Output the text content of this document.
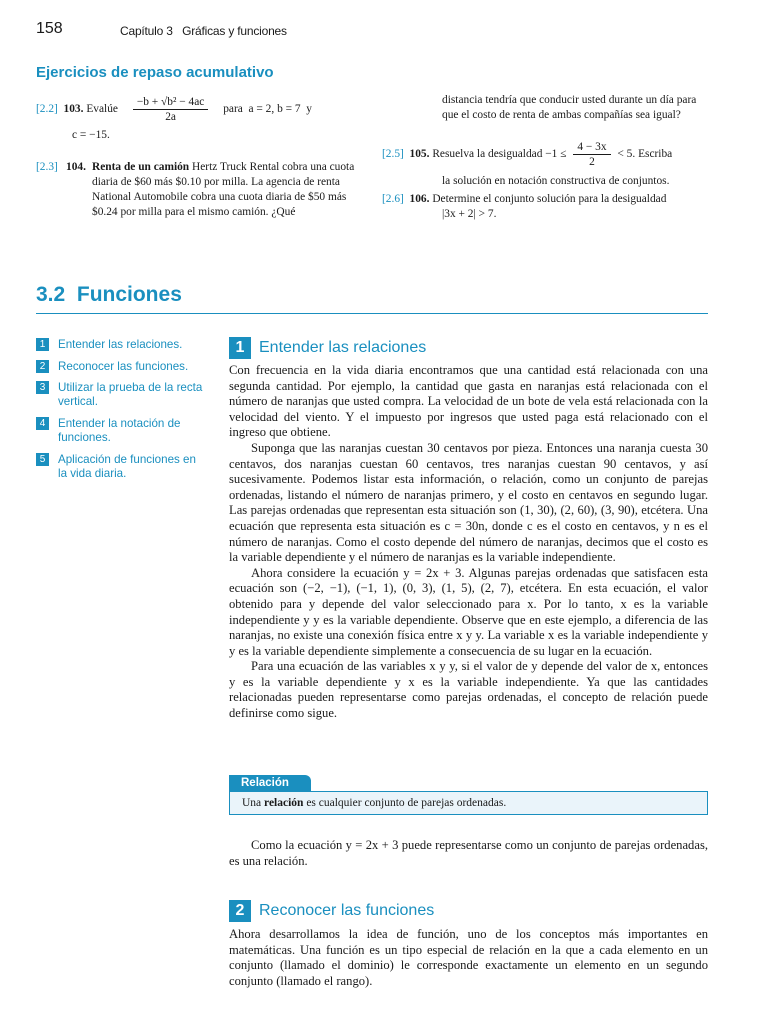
158	Capítulo 3   Gráficas y funciones
Ejercicios de repaso acumulativo
[2.2] 103. Evalúe $\frac{\text{−b + √b² − 4ac}}{2a}$ para  a = 2, b = 7  y
c = −15.
[2.3] 104. Renta de un camión Hertz Truck Rental cobra una cuota diaria de $60 más $0.10 por milla. La agencia de renta National Automobile cobra una cuota diaria de $50 más $0.24 por milla para el mismo camión. ¿Qué
distancia tendría que conducir usted durante un día para que el costo de renta de ambas compañías sea igual?
[2.5] 105. Resuelva la desigualdad $-1 \le \frac{4 - 3x}{2} < 5$. Escriba
la solución en notación constructiva de conjuntos.
[2.6] 106. Determine el conjunto solución para la desigualdad
|3x + 2| > 7.
3.2  Funciones
1	Entender las relaciones.
2	Reconocer las funciones.
3	Utilizar la prueba de la recta vertical.
4	Entender la notación de funciones.
5	Aplicación de funciones en la vida diaria.
1 Entender las relaciones

Con frecuencia en la vida diaria encontramos que una cantidad está relacionada con una segunda cantidad. Por ejemplo, la cantidad que gasta en naranjas está relacionada con el número de naranjas que usted compra. La velocidad de un bote de vela está relacionada con la velocidad del viento. Y el impuesto por ingresos que usted paga está relacionado con el ingreso que obtiene.

Suponga que las naranjas cuestan 30 centavos por pieza. Entonces una naranja cuesta 30 centavos, dos naranjas cuestan 60 centavos, tres naranjas cuestan 90 centavos, y así sucesivamente. Podemos listar esta información, o relación, como un conjunto de parejas ordenadas, listando el número de naranjas primero, y el costo en centavos en segundo lugar. Las parejas ordenadas que representan esta situación son (1, 30), (2, 60), (3, 90), etcétera. Una ecuación que representa esta situación es c = 30n, donde c es el costo en centavos, y n es el número de naranjas. Como el costo depende del número de naranjas, decimos que el costo es la variable dependiente y el número de naranjas es la variable independiente.

Ahora considere la ecuación y = 2x + 3. Algunas parejas ordenadas que satisfacen esta ecuación son (−2, −1), (−1, 1), (0, 3), (1, 5), (2, 7), etcétera. En esta ecuación, el valor obtenido para y depende del valor seleccionado para x. Por lo tanto, x es la variable independiente y y es la variable dependiente. Observe que en este ejemplo, a diferencia de las naranjas, no existe una conexión física entre x y y. La variable x es la variable independiente y y es la variable dependiente simplemente a consecuencia de su lugar en la ecuación.

Para una ecuación de las variables x y y, si el valor de y depende del valor de x, entonces y es la variable dependiente y x es la variable independiente. Ya que las cantidades relacionadas pueden representarse como parejas ordenadas, el concepto de relación puede definirse como sigue.

Relación
Una relación es cualquier conjunto de parejas ordenadas.

Como la ecuación y = 2x + 3 puede representarse como un conjunto de parejas ordenadas, es una relación.

2 Reconocer las funciones

Ahora desarrollamos la idea de función, uno de los conceptos más importantes en matemáticas. Una función es un tipo especial de relación en la que a cada elemento en un conjunto (llamado el dominio) le corresponde exactamente un elemento en un segundo conjunto (llamado el rango).
